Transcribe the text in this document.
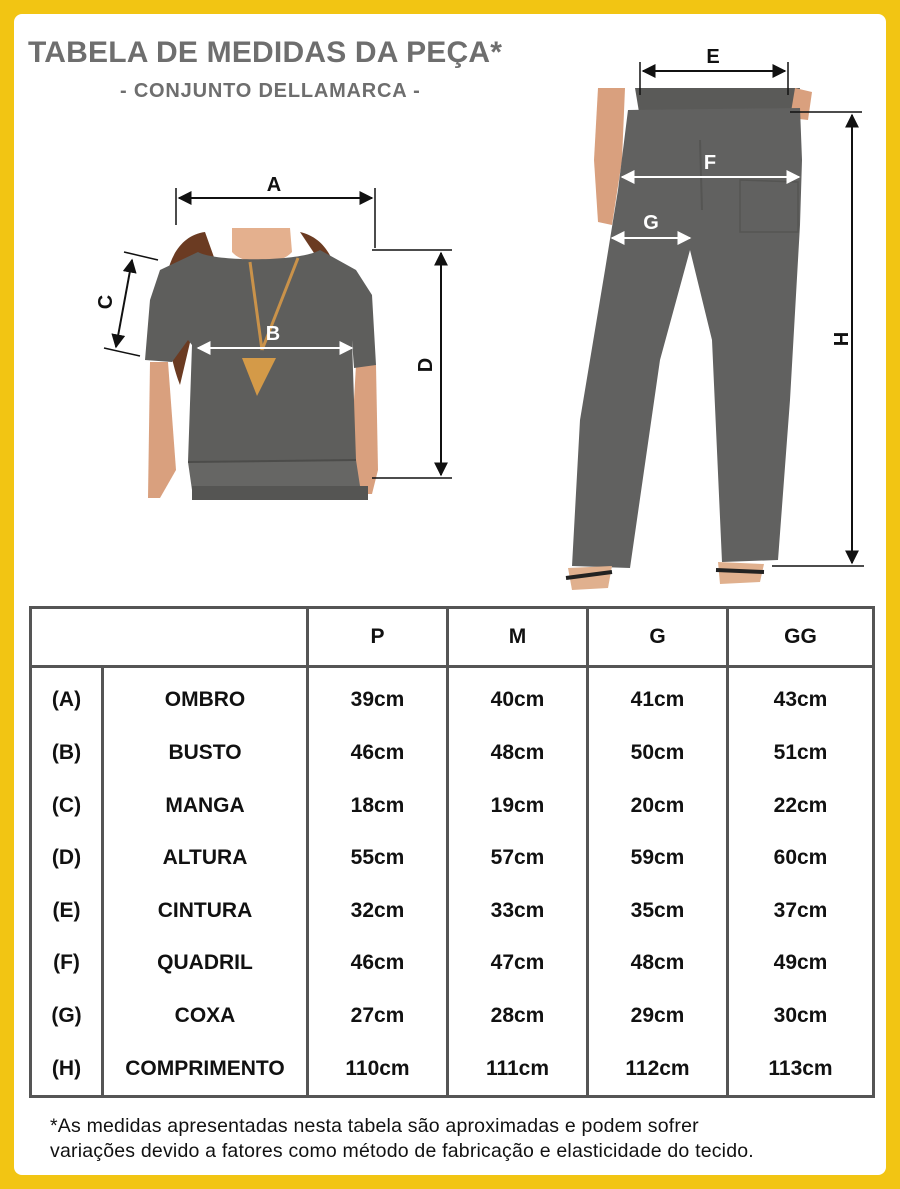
TABELA DE MEDIDAS DA PEÇA*
- CONJUNTO DELLAMARCA -
A
B
C
D
E
F
G
H
		P	M	G	GG
(A)	OMBRO	39cm	40cm	41cm	43cm
(B)	BUSTO	46cm	48cm	50cm	51cm
(C)	MANGA	18cm	19cm	20cm	22cm
(D)	ALTURA	55cm	57cm	59cm	60cm
(E)	CINTURA	32cm	33cm	35cm	37cm
(F)	QUADRIL	46cm	47cm	48cm	49cm
(G)	COXA	27cm	28cm	29cm	30cm
(H)	COMPRIMENTO	110cm	111cm	112cm	113cm
*As medidas apresentadas nesta tabela são aproximadas e podem sofrer
variações devido a fatores como método de fabricação e elasticidade do tecido.
